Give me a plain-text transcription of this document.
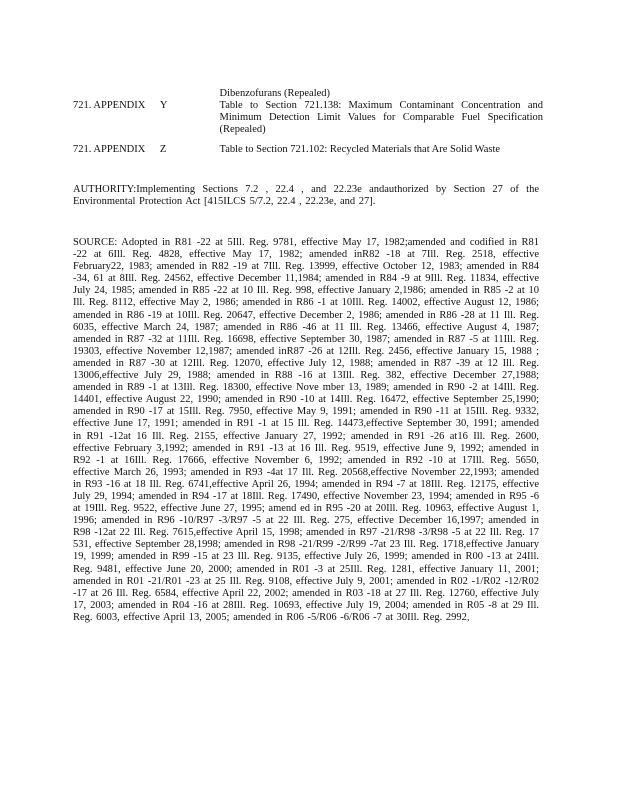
		Dibenzofurans (Repealed)
721. APPENDIX	Y	Table to Section 721.138: Maximum Contaminant Concentration and Minimum Detection Limit Values for Comparable Fuel Specification (Repealed)
721. APPENDIX	Z	Table to Section 721.102: Recycled Materials that Are Solid Waste

AUTHORITY:Implementing Sections 7.2 , 22.4 , and 22.23e andauthorized by Section 27 of the Environmental Protection Act [415ILCS 5/7.2, 22.4 , 22.23e, and 27].

SOURCE: Adopted in R81 -22 at 5Ill. Reg. 9781, effective May 17, 1982;amended and codified in R81 -22 at 6Ill. Reg. 4828, effective May 17, 1982; amended inR82 -18 at 7Ill. Reg. 2518, effective February22, 1983; amended in R82 -19 at 7Ill. Reg. 13999, effective October 12, 1983; amended in R84 -34, 61 at 8Ill. Reg. 24562, effective December 11,1984; amended in R84 -9 at 9Ill. Reg. 11834, effective July 24, 1985; amended in R85 -22 at 10 Ill. Reg. 998, effective January 2,1986; amended in R85 -2 at 10 Ill. Reg. 8112, effective May 2, 1986; amended in R86 -1 at 10Ill. Reg. 14002, effective August 12, 1986; amended in R86 -19 at 10Ill. Reg. 20647, effective December 2, 1986; amended in R86 -28 at 11 Ill. Reg. 6035, effective March 24, 1987; amended in R86 -46 at 11 Ill. Reg. 13466, effective August 4, 1987; amended in R87 -32 at 11Ill. Reg. 16698, effective September 30, 1987; amended in R87 -5 at 11Ill. Reg. 19303, effective November 12,1987; amended inR87 -26 at 12Ill. Reg. 2456, effective January 15, 1988 ; amended in R87 -30 at 12Ill. Reg. 12070, effective July 12, 1988; amended in R87 -39 at 12 Ill. Reg. 13006,effective July 29, 1988; amended in R88 -16 at 13Ill. Reg. 382, effective December 27,1988; amended in R89 -1 at 13Ill. Reg. 18300, effective Nove mber 13, 1989; amended in R90 -2 at 14Ill. Reg. 14401, effective August 22, 1990; amended in R90 -10 at 14Ill. Reg. 16472, effective September 25,1990; amended in R90 -17 at 15Ill. Reg. 7950, effective May 9, 1991; amended in R90 -11 at 15Ill. Reg. 9332, effective June 17, 1991; amended in R91 -1 at 15 Ill. Reg. 14473,effective September 30, 1991; amended in R91 -12at 16 Ill. Reg. 2155, effective January 27, 1992; amended in R91 -26 at16 Ill. Reg. 2600, effective February 3,1992; amended in R91 -13 at 16 Ill. Reg. 9519, effective June 9, 1992; amended in R92 -1 at 16Ill. Reg. 17666, effective November 6, 1992; amended in R92 -10 at 17Ill. Reg. 5650, effective March 26, 1993; amended in R93 -4at 17 Ill. Reg. 20568,effective November 22,1993; amended in R93 -16 at 18 Ill. Reg. 6741,effective April 26, 1994; amended in R94 -7 at 18Ill. Reg. 12175, effective July 29, 1994; amended in R94 -17 at 18Ill. Reg. 17490, effective November 23, 1994; amended in R95 -6 at 19Ill. Reg. 9522, effective June 27, 1995; amend ed in R95 -20 at 20Ill. Reg. 10963, effective August 1, 1996; amended in R96 -10/R97 -3/R97 -5 at 22 Ill. Reg. 275, effective December 16,1997; amended in R98 -12at 22 Ill. Reg. 7615,effective April 15, 1998; amended in R97 -21/R98 -3/R98 -5 at 22 Ill. Reg. 17 531, effective September 28,1998; amended in R98 -21/R99 -2/R99 -7at 23 Ill. Reg. 1718,effective January 19, 1999; amended in R99 -15 at 23 Ill. Reg. 9135, effective July 26, 1999; amended in R00 -13 at 24Ill. Reg. 9481, effective June 20, 2000; amended in R01 -3 at 25Ill. Reg. 1281, effective January 11, 2001; amended in R01 -21/R01 -23 at 25 Ill. Reg. 9108, effective July 9, 2001; amended in R02 -1/R02 -12/R02 -17 at 26 Ill. Reg. 6584, effective April 22, 2002; amended in R03 -18 at 27 Ill. Reg. 12760, effective July 17, 2003; amended in R04 -16 at 28Ill. Reg. 10693, effective July 19, 2004; amended in R05 -8 at 29 Ill. Reg. 6003, effective April 13, 2005; amended in R06 -5/R06 -6/R06 -7 at 30Ill. Reg. 2992,
